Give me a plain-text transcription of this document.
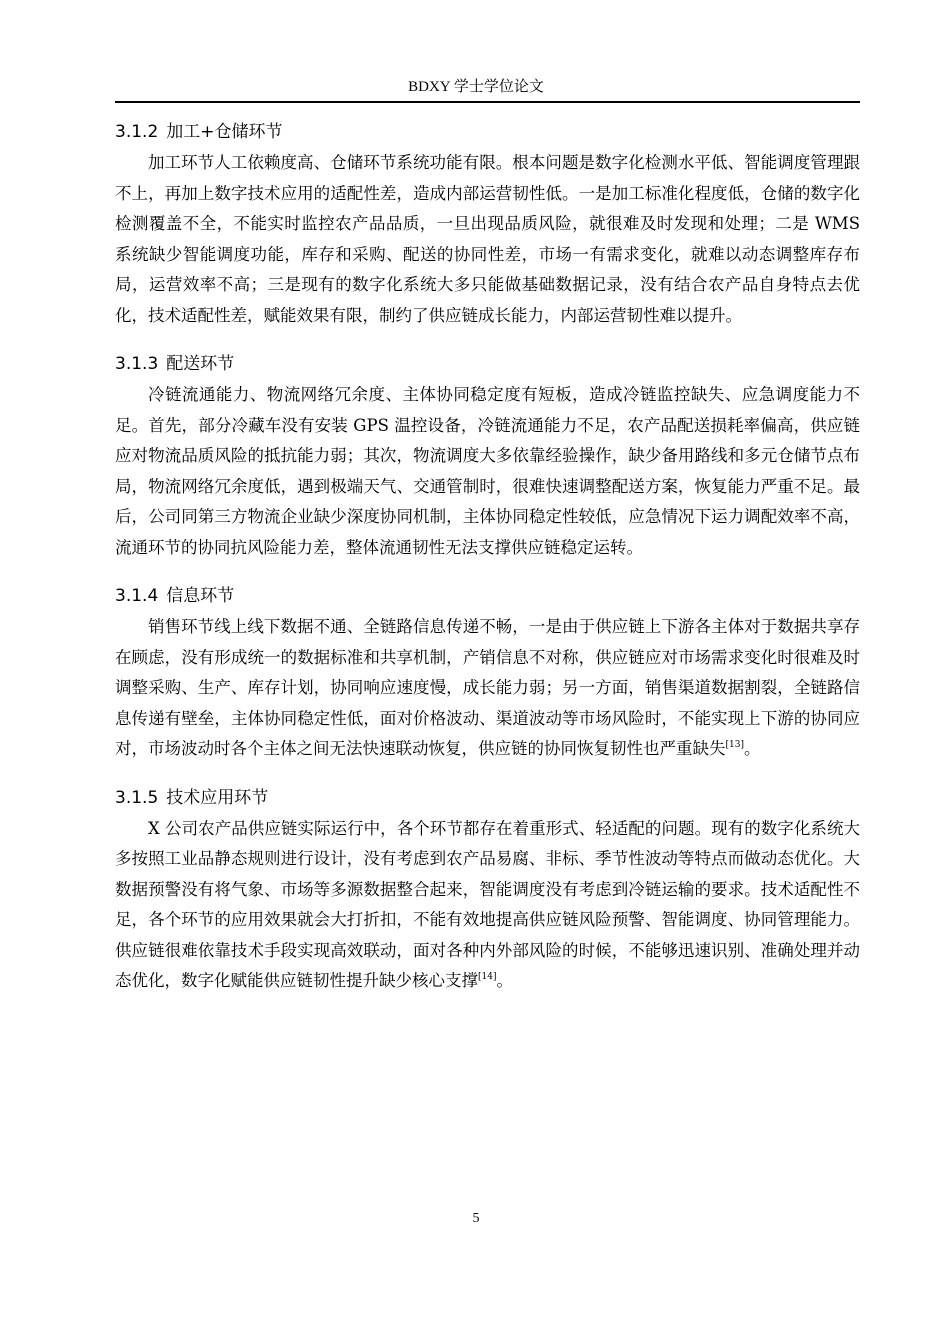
BDXY 学士学位论文
3.1.2 加工+仓储环节

加工环节人工依赖度高、仓储环节系统功能有限。根本问题是数字化检测水平低、智能调度管理跟不上，再加上数字技术应用的适配性差，造成内部运营韧性低。一是加工标准化程度低，仓储的数字化检测覆盖不全，不能实时监控农产品品质，一旦出现品质风险，就很难及时发现和处理；二是 WMS 系统缺少智能调度功能，库存和采购、配送的协同性差，市场一有需求变化，就难以动态调整库存布局，运营效率不高；三是现有的数字化系统大多只能做基础数据记录，没有结合农产品自身特点去优化，技术适配性差，赋能效果有限，制约了供应链成长能力，内部运营韧性难以提升。

3.1.3 配送环节

冷链流通能力、物流网络冗余度、主体协同稳定度有短板，造成冷链监控缺失、应急调度能力不足。首先，部分冷藏车没有安装 GPS 温控设备，冷链流通能力不足，农产品配送损耗率偏高，供应链应对物流品质风险的抵抗能力弱；其次，物流调度大多依靠经验操作，缺少备用路线和多元仓储节点布局，物流网络冗余度低，遇到极端天气、交通管制时，很难快速调整配送方案，恢复能力严重不足。最后，公司同第三方物流企业缺少深度协同机制，主体协同稳定性较低，应急情况下运力调配效率不高，流通环节的协同抗风险能力差，整体流通韧性无法支撑供应链稳定运转。

3.1.4 信息环节

销售环节线上线下数据不通、全链路信息传递不畅，一是由于供应链上下游各主体对于数据共享存在顾虑，没有形成统一的数据标准和共享机制，产销信息不对称，供应链应对市场需求变化时很难及时调整采购、生产、库存计划，协同响应速度慢，成长能力弱；另一方面，销售渠道数据割裂，全链路信息传递有壁垒，主体协同稳定性低，面对价格波动、渠道波动等市场风险时，不能实现上下游的协同应对，市场波动时各个主体之间无法快速联动恢复，供应链的协同恢复韧性也严重缺失[13]。

3.1.5 技术应用环节

X 公司农产品供应链实际运行中，各个环节都存在着重形式、轻适配的问题。现有的数字化系统大多按照工业品静态规则进行设计，没有考虑到农产品易腐、非标、季节性波动等特点而做动态优化。大数据预警没有将气象、市场等多源数据整合起来，智能调度没有考虑到冷链运输的要求。技术适配性不足，各个环节的应用效果就会大打折扣，不能有效地提高供应链风险预警、智能调度、协同管理能力。供应链很难依靠技术手段实现高效联动，面对各种内外部风险的时候，不能够迅速识别、准确处理并动态优化，数字化赋能供应链韧性提升缺少核心支撑[14]。

5
